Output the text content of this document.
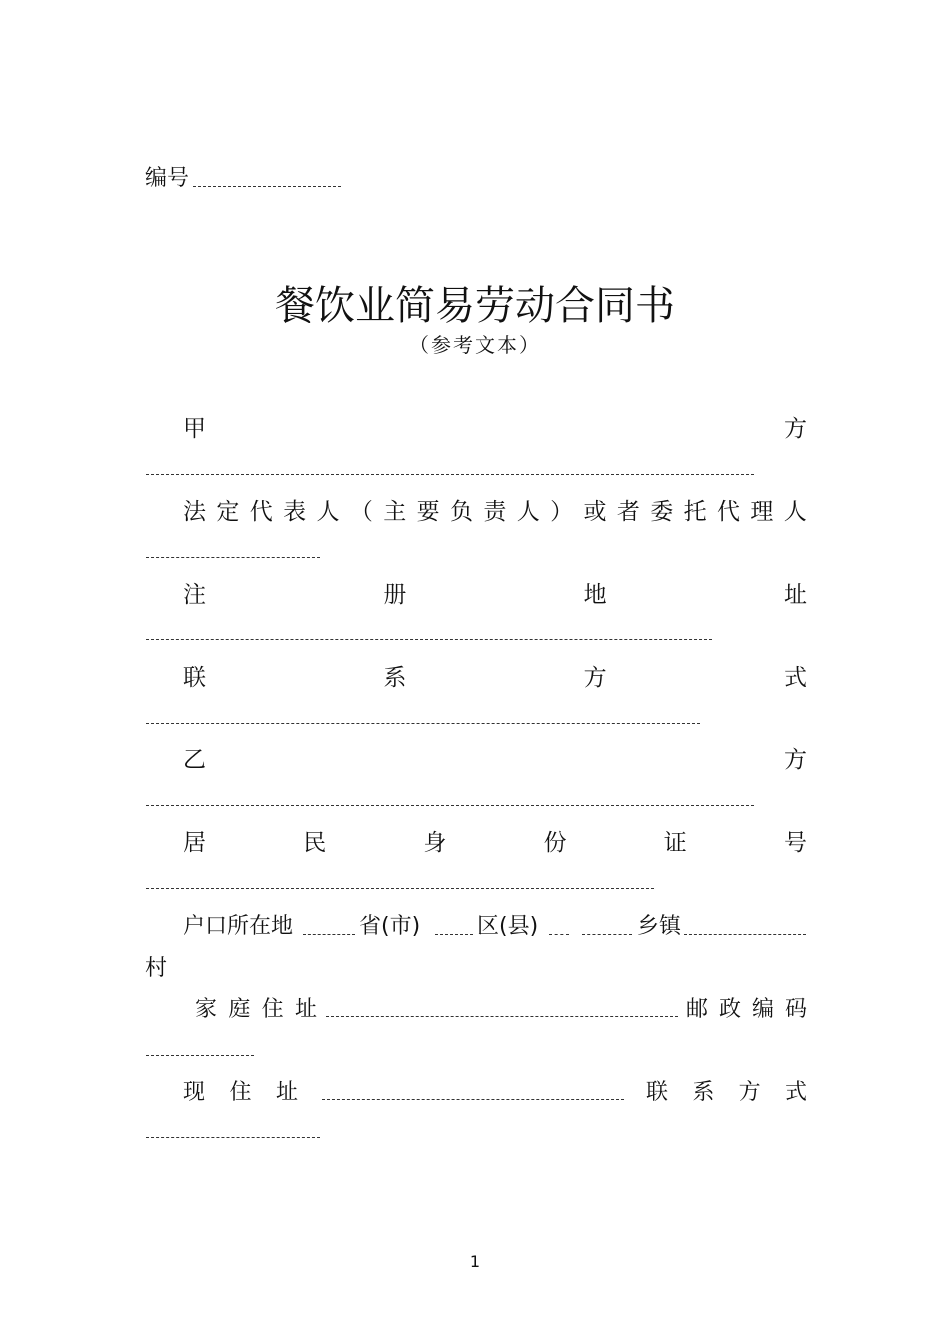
编号
餐饮业简易劳动合同书
（参考文本）
甲	方
法 定 代 表 人 （ 主 要 负 责 人 ） 或 者 委 托 代 理 人
注	册	地	址
联	系	方	式
乙	方
居	民	身	份	证	号
户口所在地	省(市)	区(县)	乡镇
村
家 庭 住 址	邮 政 编 码
现 住 址	联 系 方 式
1
